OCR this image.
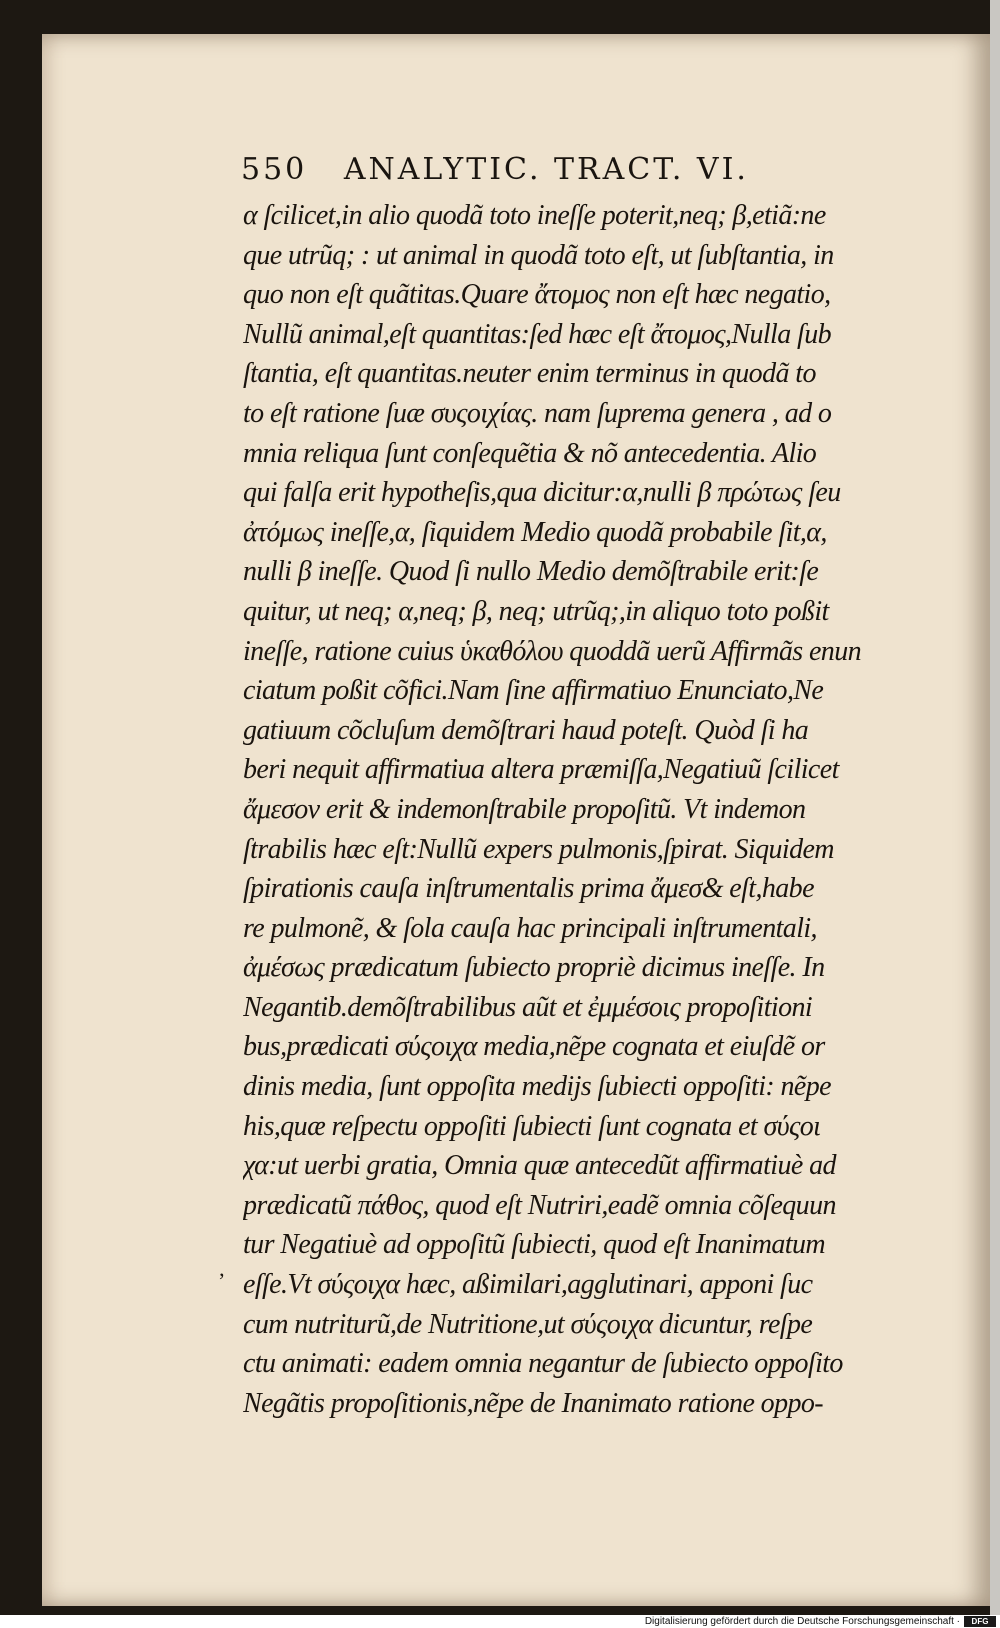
550 ANALYTIC. TRACT. VI.
α ſcilicet,in alio quodã toto ineſſe poterit,neq; β,etiã:ne
que utrũq; : ut animal in quodã toto eſt, ut ſubſtantia, in
quo non eſt quãtitas.Quare ἄτομος non eſt hæc negatio,
Nullũ animal,eſt quantitas:ſed hæc eſt ἄτομος,Nulla ſub
ſtantia, eſt quantitas.neuter enim terminus in quodã to
to eſt ratione ſuæ συςοιχίας. nam ſuprema genera , ad o
mnia reliqua ſunt conſequẽtia & nõ antecedentia. Alio
qui falſa erit hypotheſis,qua dicitur:α,nulli β πρώτως ſeu
ἀτόμως ineſſe,α, ſiquidem Medio quodã probabile ſit,α,
nulli β ineſſe. Quod ſi nullo Medio demõſtrabile erit:ſe
quitur, ut neq; α,neq; β, neq; utrũq;,in aliquo toto poßit
ineſſe, ratione cuius ὑκαθόλου quoddã uerũ Affirmãs enun
ciatum poßit cõfici.Nam ſine affirmatiuo Enunciato,Ne
gatiuum cõcluſum demõſtrari haud poteſt. Quòd ſi ha
beri nequit affirmatiua altera præmiſſa,Negatiuũ ſcilicet
ἄμεσον erit & indemonſtrabile propoſitũ. Vt indemon
ſtrabilis hæc eſt:Nullũ expers pulmonis,ſpirat. Siquidem
ſpirationis cauſa inſtrumentalis prima ἄμεσ& eſt,habe
re pulmonẽ, & ſola cauſa hac principali inſtrumentali,
ἀμέσως prædicatum ſubiecto propriè dicimus ineſſe. In
Negantib.demõſtrabilibus aũt et ἐμμέσοις propoſitioni
bus,prædicati σύςοιχα media,nẽpe cognata et eiuſdẽ or
dinis media, ſunt oppoſita medijs ſubiecti oppoſiti: nẽpe
his,quæ reſpectu oppoſiti ſubiecti ſunt cognata et σύςοι
χα:ut uerbi gratia, Omnia quæ antecedũt affirmatiuè ad
prædicatũ πάθος, quod eſt Nutriri,eadẽ omnia cõſequun
tur Negatiuè ad oppoſitũ ſubiecti, quod eſt Inanimatum
eſſe.Vt σύςοιχα hæc, aßimilari,agglutinari, apponi ſuc
cum nutriturũ,de Nutritione,ut σύςοιχα dicuntur, reſpe
ctu animati: eadem omnia negantur de ſubiecto oppoſito
Negãtis propoſitionis,nẽpe de Inanimato ratione oppo-
’
Digitalisierung gefördert durch die Deutsche Forschungsgemeinschaft ·	DFG
